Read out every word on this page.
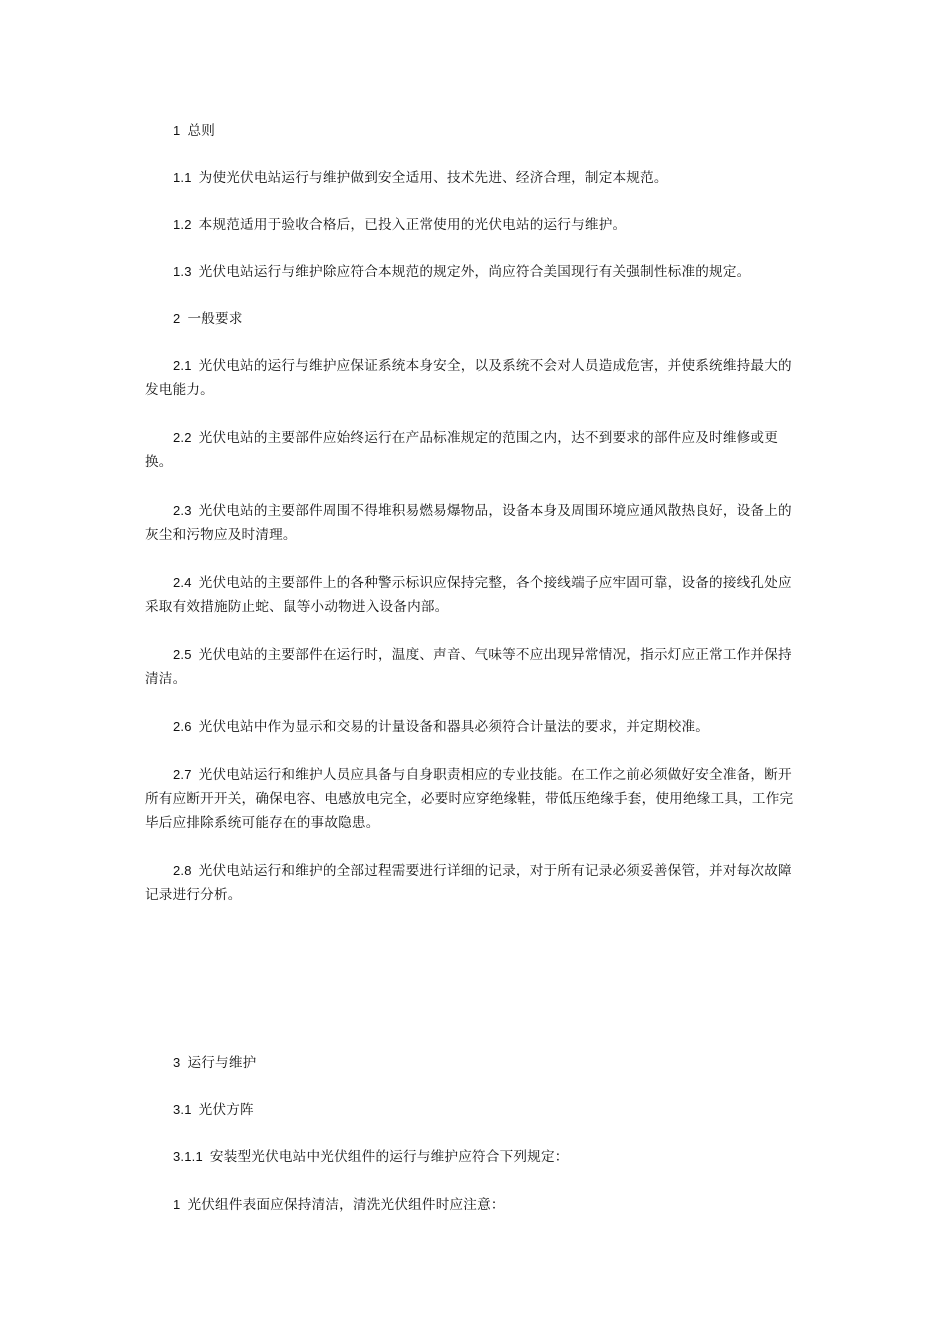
1 总则

1.1 为使光伏电站运行与维护做到安全适用、技术先进、经济合理，制定本规范。

1.2 本规范适用于验收合格后，已投入正常使用的光伏电站的运行与维护。

1.3 光伏电站运行与维护除应符合本规范的规定外，尚应符合美国现行有关强制性标准的规定。

2 一般要求

2.1 光伏电站的运行与维护应保证系统本身安全，以及系统不会对人员造成危害，并使系统维持最大的发电能力。

2.2 光伏电站的主要部件应始终运行在产品标准规定的范围之内，达不到要求的部件应及时维修或更换。

2.3 光伏电站的主要部件周围不得堆积易燃易爆物品，设备本身及周围环境应通风散热良好，设备上的灰尘和污物应及时清理。

2.4 光伏电站的主要部件上的各种警示标识应保持完整，各个接线端子应牢固可靠，设备的接线孔处应采取有效措施防止蛇、鼠等小动物进入设备内部。

2.5 光伏电站的主要部件在运行时，温度、声音、气味等不应出现异常情况，指示灯应正常工作并保持清洁。

2.6 光伏电站中作为显示和交易的计量设备和器具必须符合计量法的要求，并定期校准。

2.7 光伏电站运行和维护人员应具备与自身职责相应的专业技能。在工作之前必须做好安全准备，断开所有应断开开关，确保电容、电感放电完全，必要时应穿绝缘鞋，带低压绝缘手套，使用绝缘工具，工作完毕后应排除系统可能存在的事故隐患。

2.8 光伏电站运行和维护的全部过程需要进行详细的记录，对于所有记录必须妥善保管，并对每次故障记录进行分析。

3 运行与维护

3.1 光伏方阵

3.1.1 安装型光伏电站中光伏组件的运行与维护应符合下列规定：

1 光伏组件表面应保持清洁，清洗光伏组件时应注意：
